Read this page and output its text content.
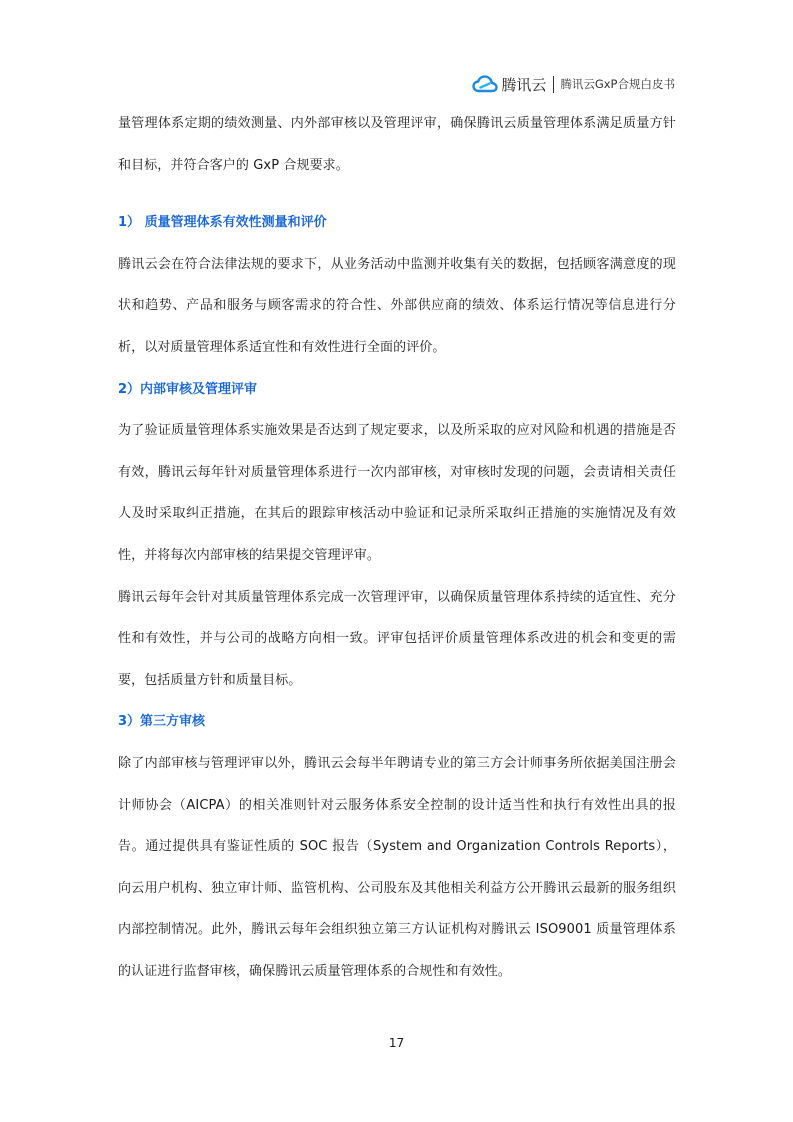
腾讯云 腾讯云GxP合规白皮书

量管理体系定期的绩效测量、内外部审核以及管理评审，确保腾讯云质量管理体系满足质量方针和目标，并符合客户的 GxP 合规要求。

1） 质量管理体系有效性测量和评价

腾讯云会在符合法律法规的要求下，从业务活动中监测并收集有关的数据，包括顾客满意度的现状和趋势、产品和服务与顾客需求的符合性、外部供应商的绩效、体系运行情况等信息进行分析，以对质量管理体系适宜性和有效性进行全面的评价。

2）内部审核及管理评审

为了验证质量管理体系实施效果是否达到了规定要求，以及所采取的应对风险和机遇的措施是否有效，腾讯云每年针对质量管理体系进行一次内部审核，对审核时发现的问题，会责请相关责任人及时采取纠正措施，在其后的跟踪审核活动中验证和记录所采取纠正措施的实施情况及有效性，并将每次内部审核的结果提交管理评审。

腾讯云每年会针对其质量管理体系完成一次管理评审，以确保质量管理体系持续的适宜性、充分性和有效性，并与公司的战略方向相一致。评审包括评价质量管理体系改进的机会和变更的需要，包括质量方针和质量目标。

3）第三方审核

除了内部审核与管理评审以外，腾讯云会每半年聘请专业的第三方会计师事务所依据美国注册会计师协会（AICPA）的相关准则针对云服务体系安全控制的设计适当性和执行有效性出具的报告。通过提供具有鉴证性质的 SOC 报告（System and Organization Controls Reports），向云用户机构、独立审计师、监管机构、公司股东及其他相关利益方公开腾讯云最新的服务组织内部控制情况。此外，腾讯云每年会组织独立第三方认证机构对腾讯云 ISO9001 质量管理体系的认证进行监督审核，确保腾讯云质量管理体系的合规性和有效性。

17
